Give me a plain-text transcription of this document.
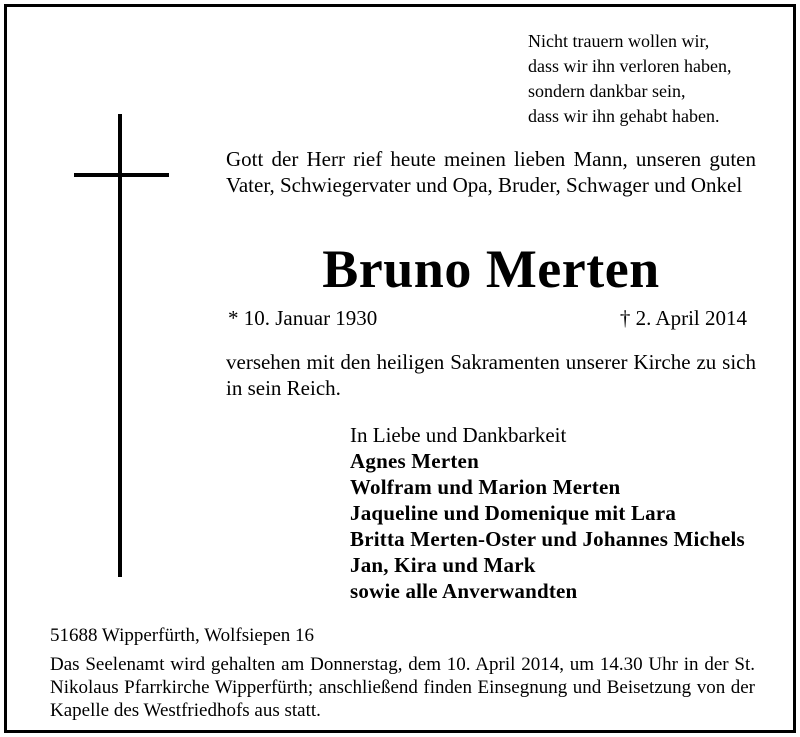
Nicht trauern wollen wir,
dass wir ihn verloren haben,
sondern dankbar sein,
dass wir ihn gehabt haben.
Gott der Herr rief heute meinen lieben Mann, unseren guten Vater, Schwiegervater und Opa, Bruder, Schwager und Onkel
Bruno Merten
* 10. Januar 1930	† 2. April 2014
versehen mit den heiligen Sakramenten unserer Kirche zu sich in sein Reich.
In Liebe und Dankbarkeit
Agnes Merten
Wolfram und Marion Merten
Jaqueline und Domenique mit Lara
Britta Merten-Oster und Johannes Michels
Jan, Kira und Mark
sowie alle Anverwandten
51688 Wipperfürth, Wolfsiepen 16
Das Seelenamt wird gehalten am Donnerstag, dem 10. April 2014, um 14.30 Uhr in der St. Nikolaus Pfarrkirche Wipperfürth; anschließend finden Einsegnung und Beisetzung von der Kapelle des Westfriedhofs aus statt.
